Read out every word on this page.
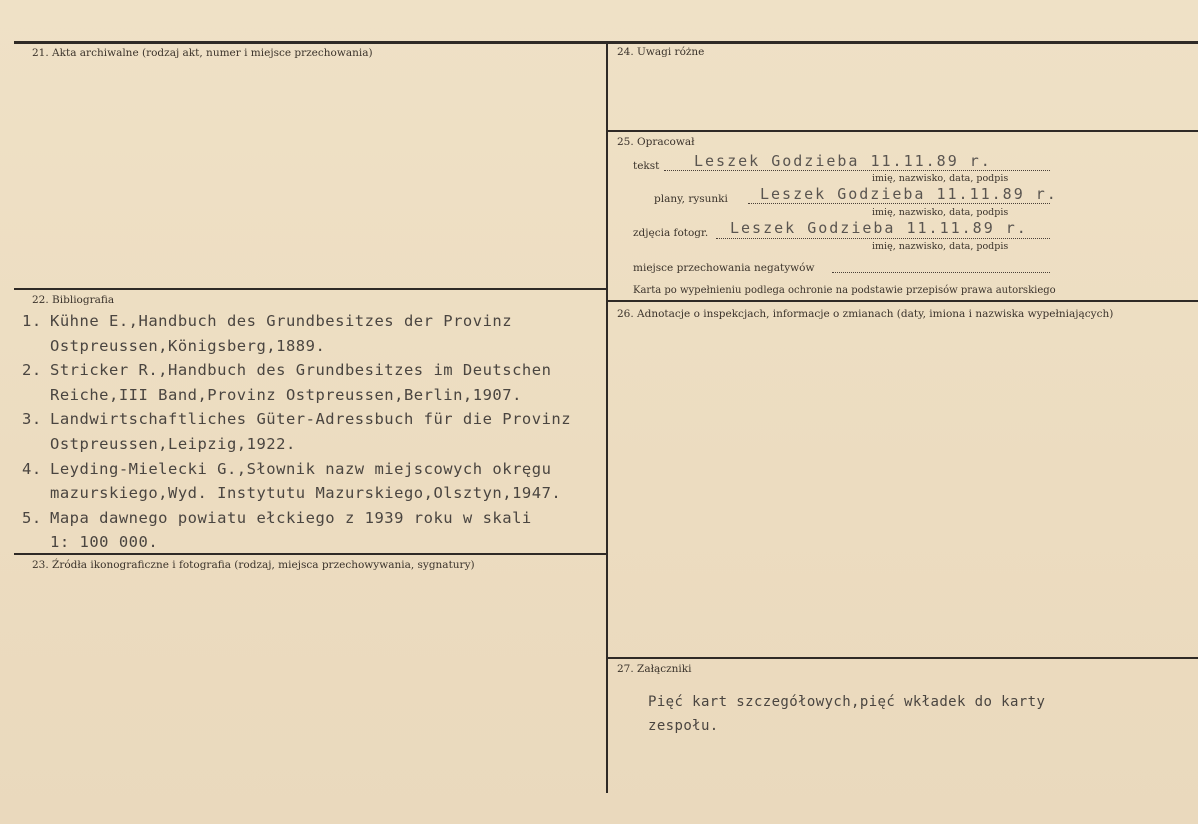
21. Akta archiwalne (rodzaj akt, numer i miejsce przechowania)
22. Bibliografia
1. Kühne E.,Handbuch des Grundbesitzes der Provinz
Ostpreussen,Königsberg,1889.
2. Stricker R.,Handbuch des Grundbesitzes im Deutschen
Reiche,III Band,Provinz Ostpreussen,Berlin,1907.
3. Landwirtschaftliches Güter-Adressbuch für die Provinz
Ostpreussen,Leipzig,1922.
4. Leyding-Mielecki G.,Słownik nazw miejscowych okręgu
mazurskiego,Wyd. Instytutu Mazurskiego,Olsztyn,1947.
5. Mapa dawnego powiatu ełckiego z 1939 roku w skali
1: 100 000.
23. Źródła ikonograficzne i fotografia (rodzaj, miejsca przechowywania, sygnatury)
24. Uwagi różne
25. Opracował
tekst Leszek Godzieba 11.11.89 r.
imię, nazwisko, data, podpis
plany, rysunki Leszek Godzieba 11.11.89 r.
imię, nazwisko, data, podpis
zdjęcia fotogr. Leszek Godzieba 11.11.89 r.
imię, nazwisko, data, podpis
miejsce przechowania negatywów
Karta po wypełnieniu podlega ochronie na podstawie przepisów prawa autorskiego
26. Adnotacje o inspekcjach, informacje o zmianach (daty, imiona i nazwiska wypełniających)
27. Załączniki
Pięć kart szczegółowych,pięć wkładek do karty
zespołu.
